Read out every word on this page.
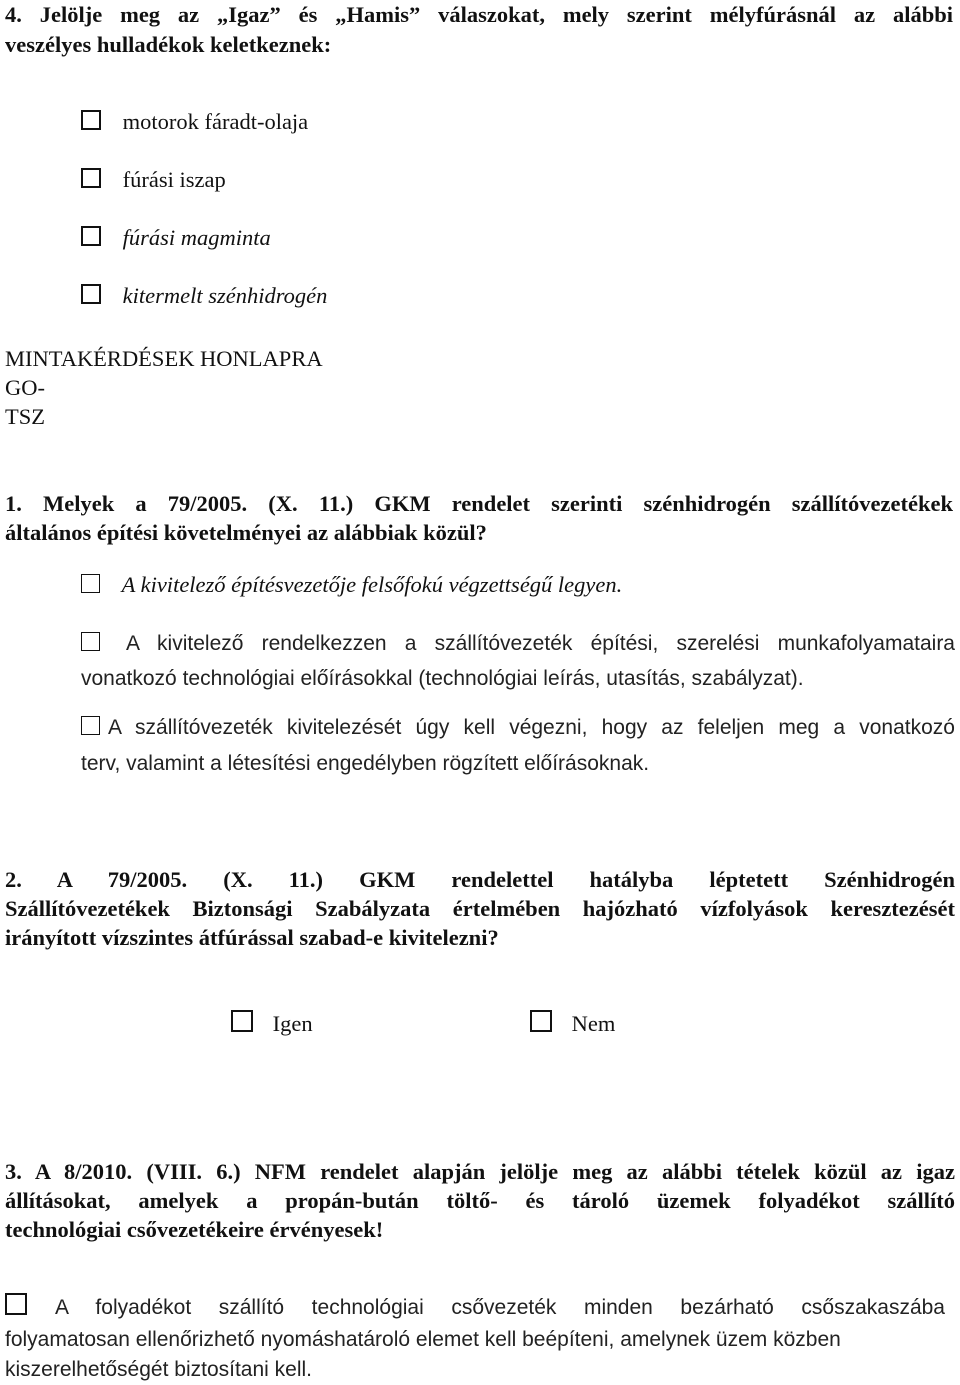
4. Jelölje meg az „Igaz” és „Hamis” válaszokat, mely szerint mélyfúrásnál az alábbi
veszélyes hulladékok keletkeznek:
motorok fáradt-olaja
fúrási iszap
fúrási magminta
kitermelt szénhidrogén
MINTAKÉRDÉSEK HONLAPRA
GO-
TSZ
1. Melyek a 79/2005. (X. 11.) GKM rendelet szerinti szénhidrogén szállítóvezetékek
általános építési követelményei az alábbiak közül?
A kivitelező építésvezetője felsőfokú végzettségű legyen.
A kivitelező rendelkezzen a szállítóvezeték építési, szerelési munkafolyamataira
vonatkozó technológiai előírásokkal (technológiai leírás, utasítás, szabályzat).
A szállítóvezeték kivitelezését úgy kell végezni, hogy az feleljen meg a vonatkozó
terv, valamint a létesítési engedélyben rögzített előírásoknak.
2. A 79/2005. (X. 11.) GKM rendelettel hatályba léptetett Szénhidrogén
Szállítóvezetékek Biztonsági Szabályzata értelmében hajózható vízfolyások keresztezését
irányított vízszintes átfúrással szabad-e kivitelezni?
Igen	Nem
3. A 8/2010. (VIII. 6.) NFM rendelet alapján jelölje meg az alábbi tételek közül az igaz
állításokat, amelyek a propán-bután töltő- és tároló üzemek folyadékot szállító
technológiai csővezetékeire érvényesek!
A folyadékot szállító technológiai csővezeték minden bezárható csőszakaszába
folyamatosan ellenőrizhető nyomáshatároló elemet kell beépíteni, amelynek üzem közben
kiszerelhetőségét biztosítani kell.
